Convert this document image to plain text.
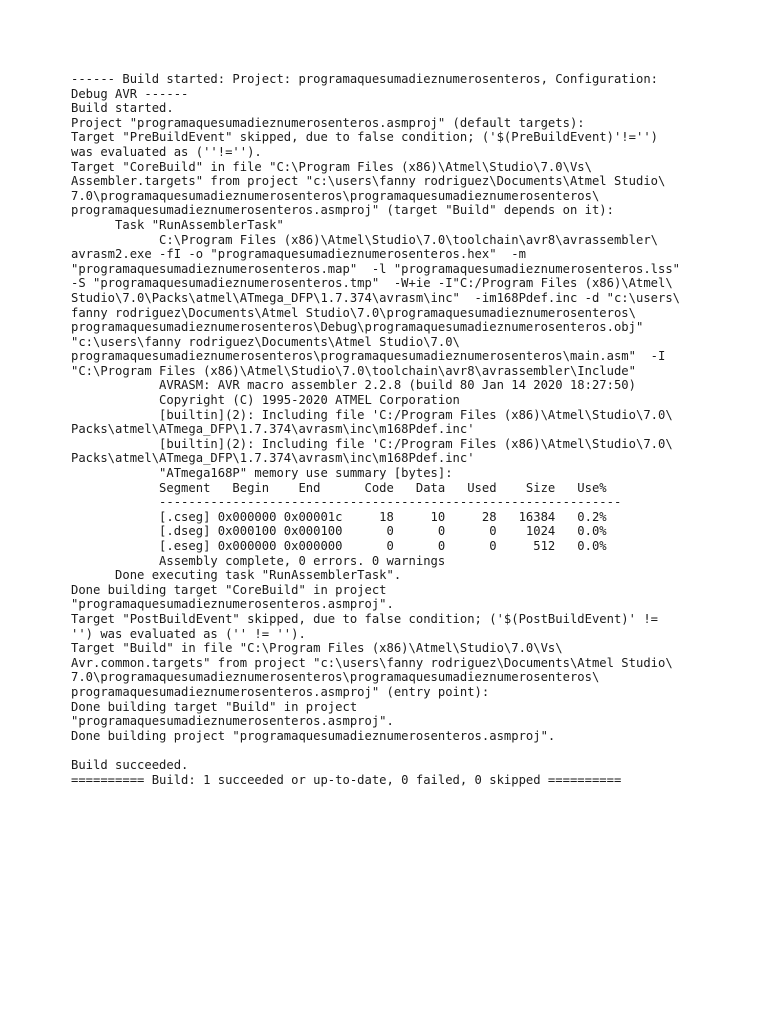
------ Build started: Project: programaquesumadieznumerosenteros, Configuration:
Debug AVR ------
Build started.
Project "programaquesumadieznumerosenteros.asmproj" (default targets):
Target "PreBuildEvent" skipped, due to false condition; ('$(PreBuildEvent)'!='')
was evaluated as (''!='').
Target "CoreBuild" in file "C:\Program Files (x86)\Atmel\Studio\7.0\Vs\
Assembler.targets" from project "c:\users\fanny rodriguez\Documents\Atmel Studio\
7.0\programaquesumadieznumerosenteros\programaquesumadieznumerosenteros\
programaquesumadieznumerosenteros.asmproj" (target "Build" depends on it):
Task "RunAssemblerTask"
C:\Program Files (x86)\Atmel\Studio\7.0\toolchain\avr8\avrassembler\
avrasm2.exe -fI -o "programaquesumadieznumerosenteros.hex"  -m
"programaquesumadieznumerosenteros.map"  -l "programaquesumadieznumerosenteros.lss"
-S "programaquesumadieznumerosenteros.tmp"  -W+ie -I"C:/Program Files (x86)\Atmel\
Studio\7.0\Packs\atmel\ATmega_DFP\1.7.374\avrasm\inc"  -im168Pdef.inc -d "c:\users\
fanny rodriguez\Documents\Atmel Studio\7.0\programaquesumadieznumerosenteros\
programaquesumadieznumerosenteros\Debug\programaquesumadieznumerosenteros.obj"
"c:\users\fanny rodriguez\Documents\Atmel Studio\7.0\
programaquesumadieznumerosenteros\programaquesumadieznumerosenteros\main.asm"  -I
"C:\Program Files (x86)\Atmel\Studio\7.0\toolchain\avr8\avrassembler\Include"
AVRASM: AVR macro assembler 2.2.8 (build 80 Jan 14 2020 18:27:50)
Copyright (C) 1995-2020 ATMEL Corporation
[builtin](2): Including file 'C:/Program Files (x86)\Atmel\Studio\7.0\
Packs\atmel\ATmega_DFP\1.7.374\avrasm\inc\m168Pdef.inc'
[builtin](2): Including file 'C:/Program Files (x86)\Atmel\Studio\7.0\
Packs\atmel\ATmega_DFP\1.7.374\avrasm\inc\m168Pdef.inc'
"ATmega168P" memory use summary [bytes]:
Segment   Begin    End      Code   Data   Used    Size   Use%
---------------------------------------------------------------
[.cseg] 0x000000 0x00001c     18     10     28   16384   0.2%
[.dseg] 0x000100 0x000100      0      0      0    1024   0.0%
[.eseg] 0x000000 0x000000      0      0      0     512   0.0%
Assembly complete, 0 errors. 0 warnings
Done executing task "RunAssemblerTask".
Done building target "CoreBuild" in project
"programaquesumadieznumerosenteros.asmproj".
Target "PostBuildEvent" skipped, due to false condition; ('$(PostBuildEvent)' !=
'') was evaluated as ('' != '').
Target "Build" in file "C:\Program Files (x86)\Atmel\Studio\7.0\Vs\
Avr.common.targets" from project "c:\users\fanny rodriguez\Documents\Atmel Studio\
7.0\programaquesumadieznumerosenteros\programaquesumadieznumerosenteros\
programaquesumadieznumerosenteros.asmproj" (entry point):
Done building target "Build" in project
"programaquesumadieznumerosenteros.asmproj".
Done building project "programaquesumadieznumerosenteros.asmproj".
Build succeeded.
========== Build: 1 succeeded or up-to-date, 0 failed, 0 skipped ==========
